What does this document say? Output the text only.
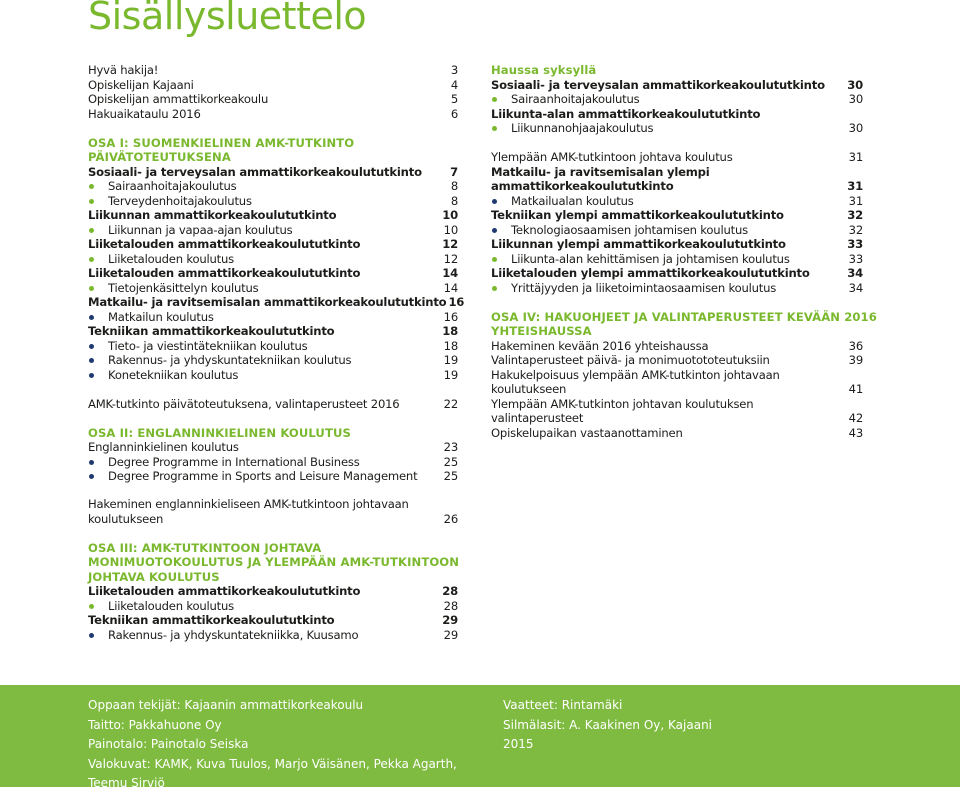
Sisällysluettelo
Hyvä hakija!	3
Opiskelijan Kajaani	4
Opiskelijan ammattikorkeakoulu	5
Hakuaikataulu 2016	6
OSA I: SUOMENKIELINEN AMK-TUTKINTO
PÄIVÄTOTEUTUKSENA
Sosiaali- ja terveysalan ammattikorkeakoulututkinto 7
Sairaanhoitajakoulutus	8
Terveydenhoitajakoulutus	8
Liikunnan ammattikorkeakoulututkinto	10
Liikunnan ja vapaa-ajan koulutus	10
Liiketalouden ammattikorkeakoulututkinto	12
Liiketalouden koulutus	12
Liiketalouden ammattikorkeakoulututkinto	14
Tietojenkäsittelyn koulutus	14
Matkailu- ja ravitsemisalan ammattikorkeakoulututkinto 16
Matkailun koulutus	16
Tekniikan ammattikorkeakoulututkinto	18
Tieto- ja viestintätekniikan koulutus	18
Rakennus- ja yhdyskuntatekniikan koulutus	19
Konetekniikan koulutus	19
AMK-tutkinto päivätoteutuksena, valintaperusteet 2016	22
OSA II: ENGLANNINKIELINEN KOULUTUS
Englanninkielinen koulutus	23
Degree Programme in International Business	25
Degree Programme in Sports and Leisure Management 25
Hakeminen englanninkieliseen AMK-tutkintoon johtavaan
koulutukseen	26
OSA III: AMK-TUTKINTOON JOHTAVA
MONIMUOTOKOULUTUS JA YLEMPÄÄN AMK-TUTKINTOON
JOHTAVA KOULUTUS
Liiketalouden ammattikorkeakoulututkinto	28
Liiketalouden koulutus	28
Tekniikan ammattikorkeakoulututkinto	29
Rakennus- ja yhdyskuntatekniikka, Kuusamo	29
Haussa syksyllä
Sosiaali- ja terveysalan ammattikorkeakoulututkinto 30
Sairaanhoitajakoulutus	30
Liikunta-alan ammattikorkeakoulututkinto
Liikunnanohjaajakoulutus	30
Ylempään AMK-tutkintoon johtava koulutus	31
Matkailu- ja ravitsemisalan ylempi
ammattikorkeakoulututkinto	31
Matkailualan koulutus	31
Tekniikan ylempi ammattikorkeakoulututkinto	32
Teknologiaosaamisen johtamisen koulutus	32
Liikunnan ylempi ammattikorkeakoulututkinto	33
Liikunta-alan kehittämisen ja johtamisen koulutus	33
Liiketalouden ylempi ammattikorkeakoulututkinto	34
Yrittäjyyden ja liiketoimintaosaamisen koulutus	34
OSA IV: HAKUOHJEET JA VALINTAPERUSTEET KEVÄÄN 2016
YHTEISHAUSSA
Hakeminen kevään 2016 yhteishaussa	36
Valintaperusteet päivä- ja monimuotototeutuksiin	39
Hakukelpoisuus ylempään AMK-tutkinton johtavaan
koulutukseen	41
Ylempään AMK-tutkinton johtavan koulutuksen
valintaperusteet	42
Opiskelupaikan vastaanottaminen	43
Oppaan tekijät: Kajaanin ammattikorkeakoulu
Taitto: Pakkahuone Oy
Painotalo: Painotalo Seiska
Valokuvat: KAMK, Kuva Tuulos, Marjo Väisänen, Pekka Agarth,
Teemu Sirviö
Vaatteet: Rintamäki
Silmälasit: A. Kaakinen Oy, Kajaani
2015
